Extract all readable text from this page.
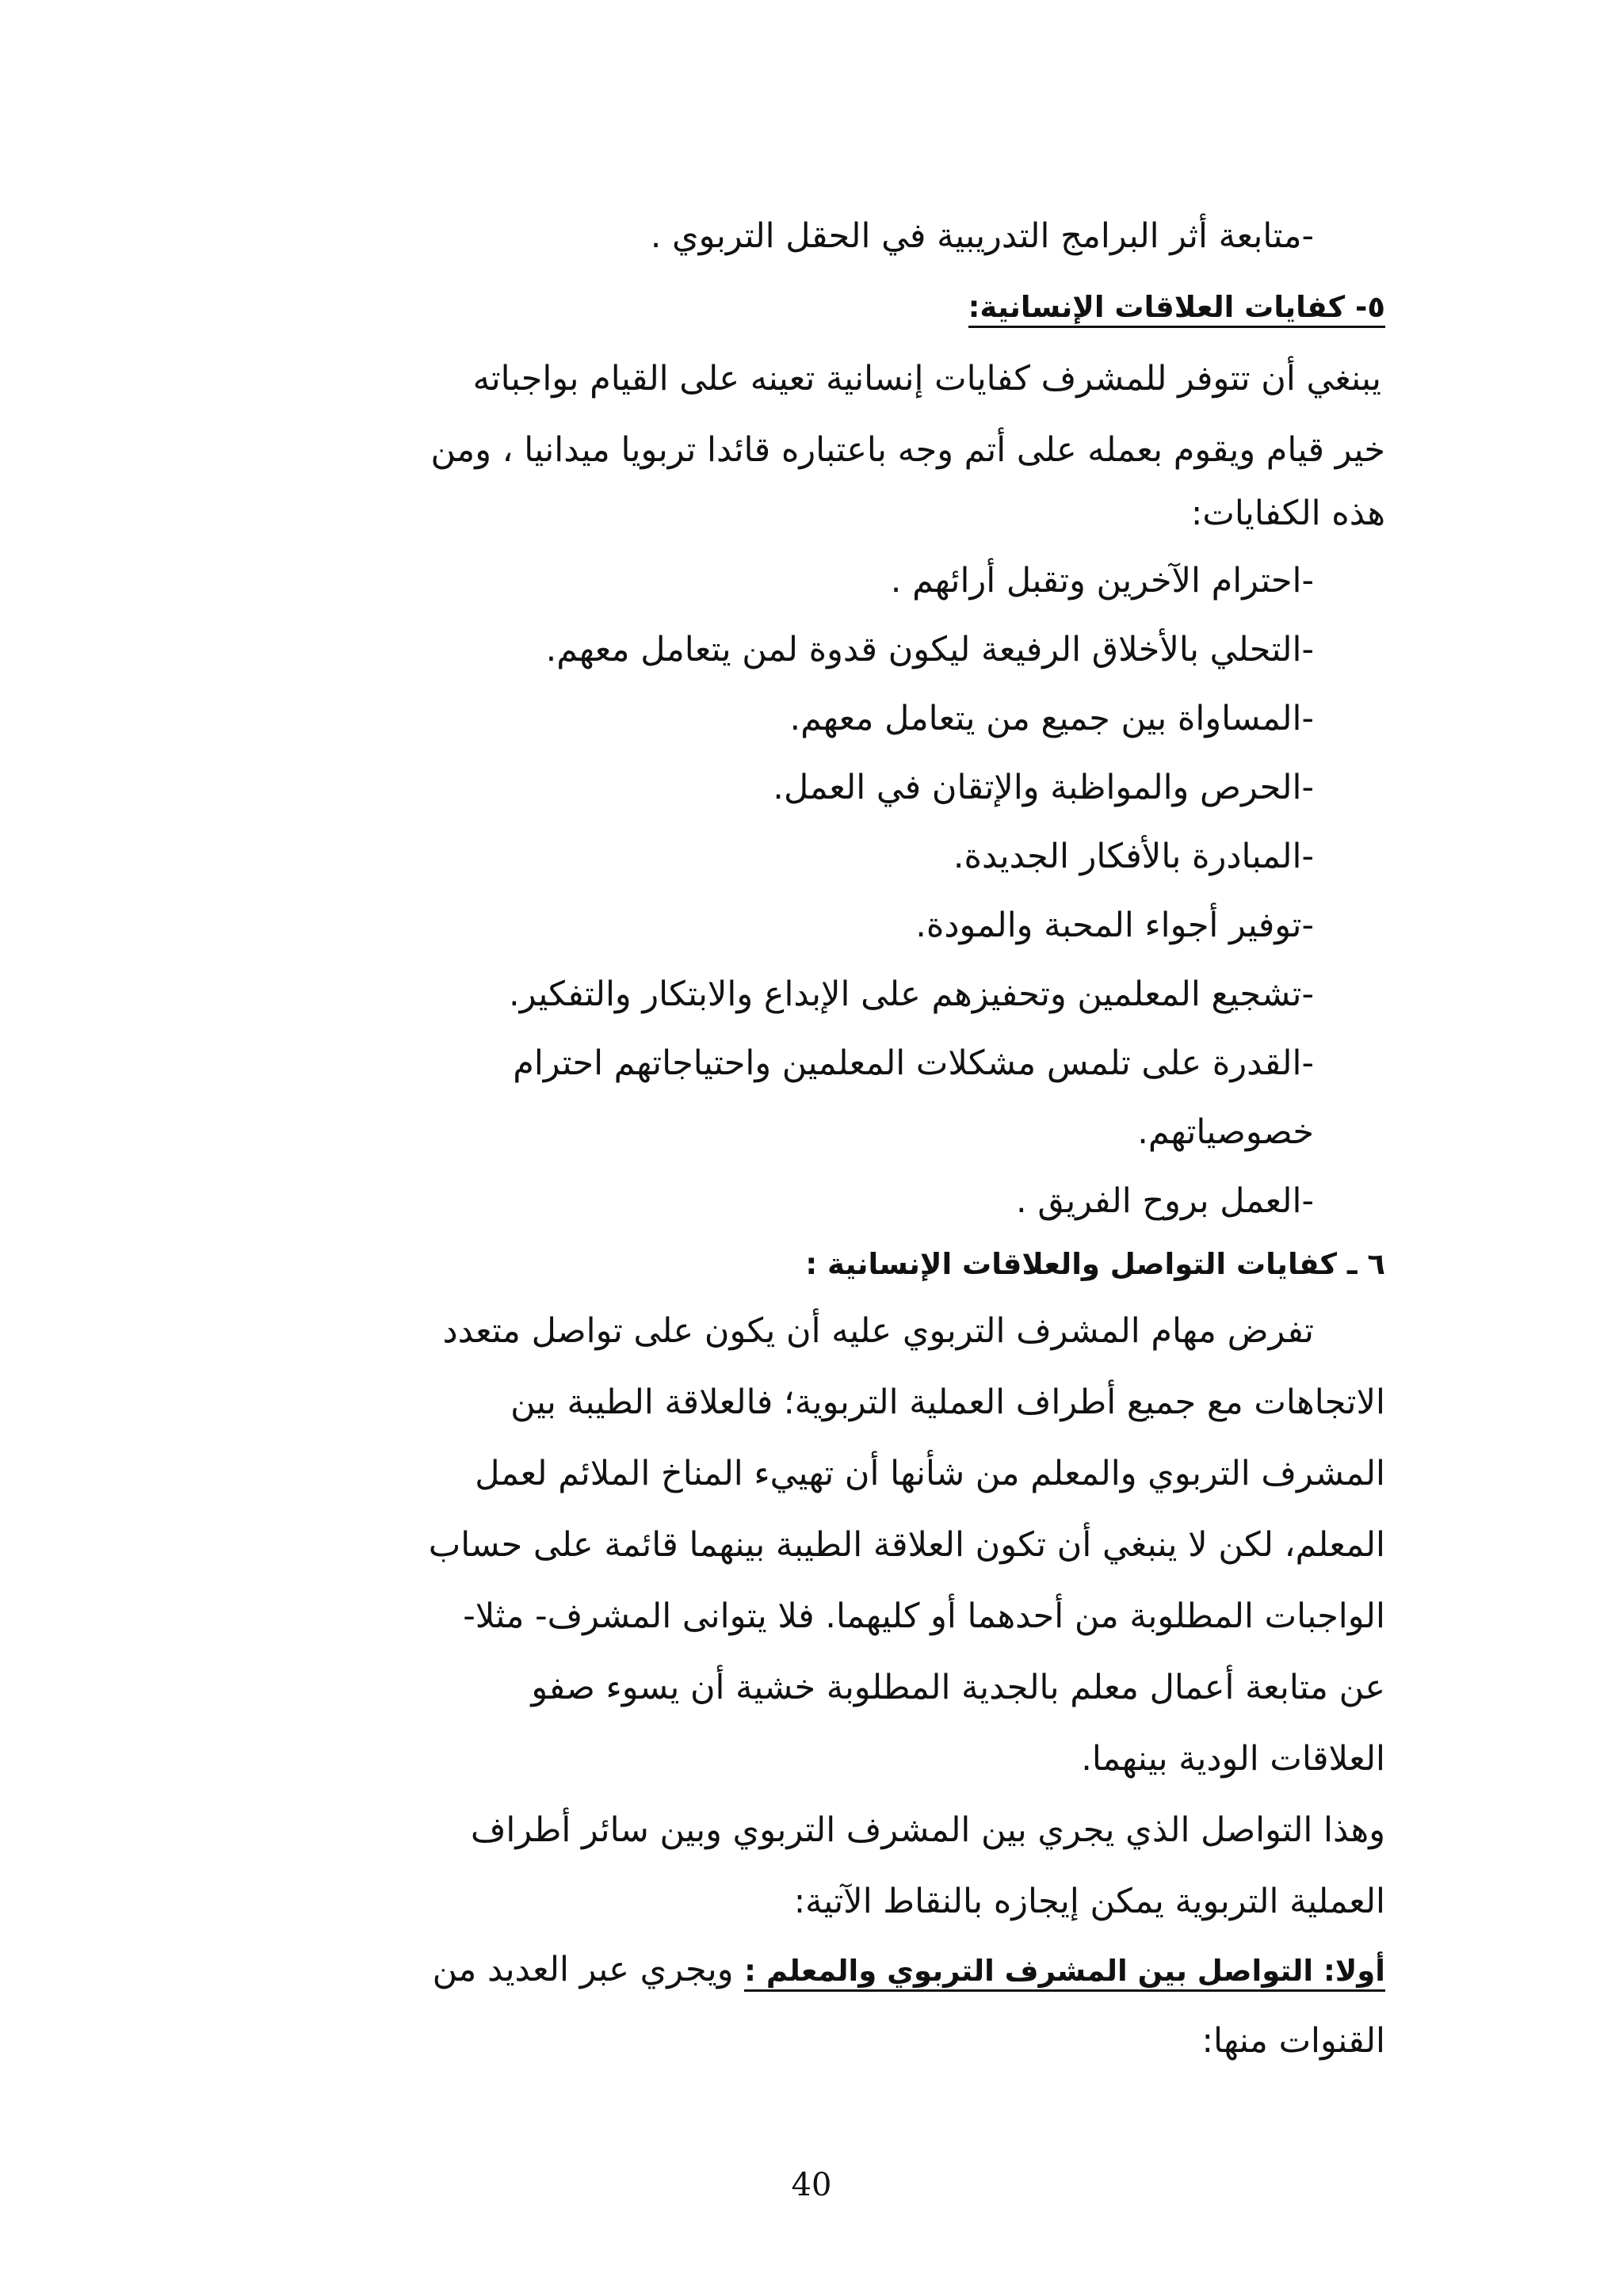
-متابعة أثر البرامج التدريبية في الحقل التربوي .
٥- كفايات العلاقات الإنسانية:
يبنغي أن تتوفر للمشرف كفايات إنسانية تعينه على القيام بواجباته
خير قيام ويقوم بعمله على أتم وجه باعتباره قائدا تربويا ميدانيا ، ومن
هذه الكفايات:
-احترام الآخرين وتقبل أرائهم .
-التحلي بالأخلاق الرفيعة ليكون قدوة لمن يتعامل معهم.
-المساواة بين جميع من يتعامل معهم.
-الحرص والمواظبة والإتقان في العمل.
-المبادرة بالأفكار الجديدة.
-توفير أجواء المحبة والمودة.
-تشجيع المعلمين وتحفيزهم على الإبداع والابتكار والتفكير.
-القدرة على تلمس مشكلات المعلمين واحتياجاتهم احترام
خصوصياتهم.
-العمل بروح الفريق .
٦ ـ كفايات التواصل والعلاقات الإنسانية :
تفرض مهام المشرف التربوي عليه أن يكون على تواصل متعدد
الاتجاهات مع جميع أطراف العملية التربوية؛ فالعلاقة الطيبة بين
المشرف التربوي والمعلم من شأنها أن تهييء المناخ الملائم لعمل
المعلم، لكن لا ينبغي أن تكون العلاقة الطيبة بينهما قائمة على حساب
الواجبات المطلوبة من أحدهما أو كليهما. فلا يتوانى المشرف- مثلا-
عن متابعة أعمال معلم بالجدية المطلوبة خشية أن يسوء صفو
العلاقات الودية بينهما.
وهذا التواصل الذي يجري بين المشرف التربوي وبين سائر أطراف
العملية التربوية يمكن إيجازه بالنقاط الآتية:
أولا: التواصل بين المشرف التربوي والمعلم : ويجري عبر العديد من
القنوات منها:
40
